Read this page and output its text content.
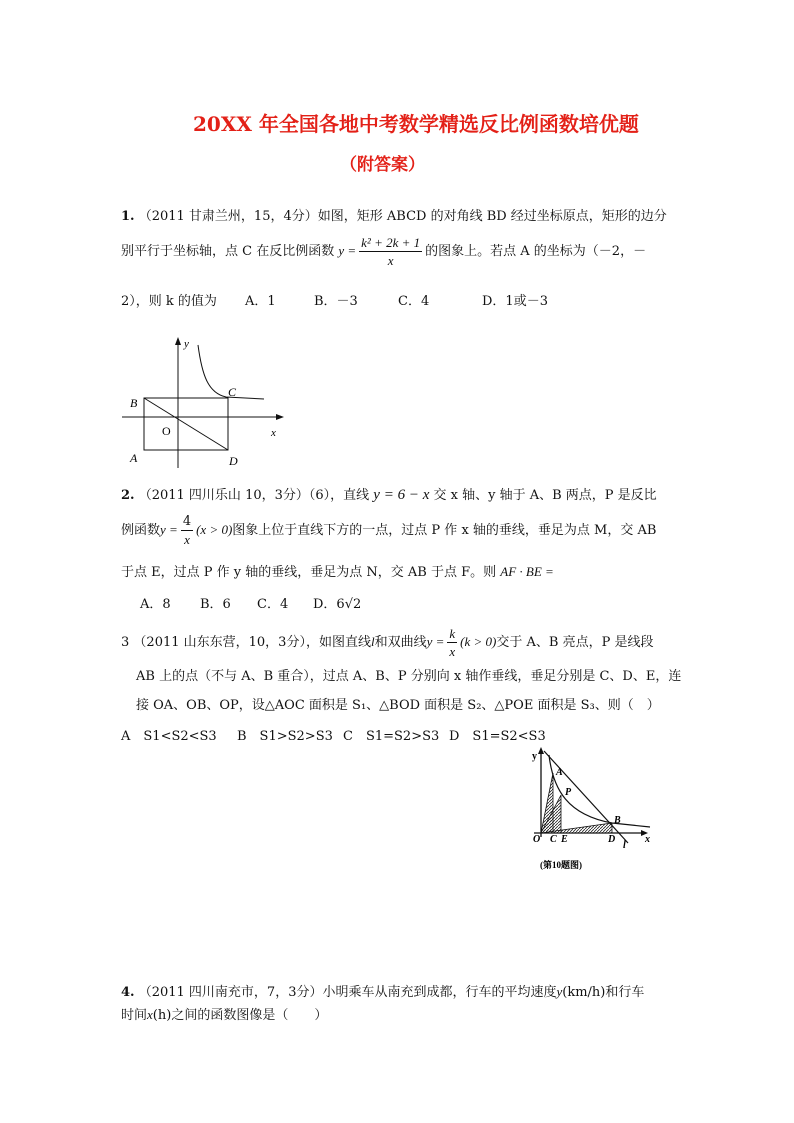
20XX 年全国各地中考数学精选反比例函数培优题
（附答案）
1. （2011 甘肃兰州，15，4分）如图，矩形 ABCD 的对角线 BD 经过坐标原点，矩形的边分
别平行于坐标轴，点 C 在反比例函数 $y = \frac{\text{k² + 2k + 1}}{x}$ 的图象上。若点 A 的坐标为（－2，－
2），则 k 的值为 A．1	B．－3	C．4	D．1或－3
y
x
B
C
O
A	D
2. （2011 四川乐山 10，3分）（6），直线 y = 6 − x 交 x 轴、y 轴于 A、B 两点，P 是反比
例函数$y = \frac{4}{x} (x > 0)$图象上位于直线下方的一点，过点 P 作 x 轴的垂线，垂足为点 M，交 AB
于点 E，过点 P 作 y 轴的垂线，垂足为点 N，交 AB 于点 F。则 AF · BE =
A．8 B．6 C．4 D．6√2
3 （2011 山东东营，10，3分），如图直线l和双曲线$y = \frac{k}{x} (k > 0)$交于 A、B 亮点，P 是线段
AB 上的点（不与 A、B 重合），过点 A、B、P 分别向 x 轴作垂线，垂足分别是 C、D、E，连
接 OA、OB、OP，设△AOC 面积是 S₁、△BOD 面积是 S₂、△POE 面积是 S₃、则（　）
A　S1<S2<S3 B　S1>S2>S3 C　S1=S2>S3 D　S1=S2<S3
y
A
P
B
O C E	D
l
x
(第10题图)
4. （2011 四川南充市，7，3分）小明乘车从南充到成都，行车的平均速度y(km/h)和行车
时间x(h)之间的函数图像是（　　）
